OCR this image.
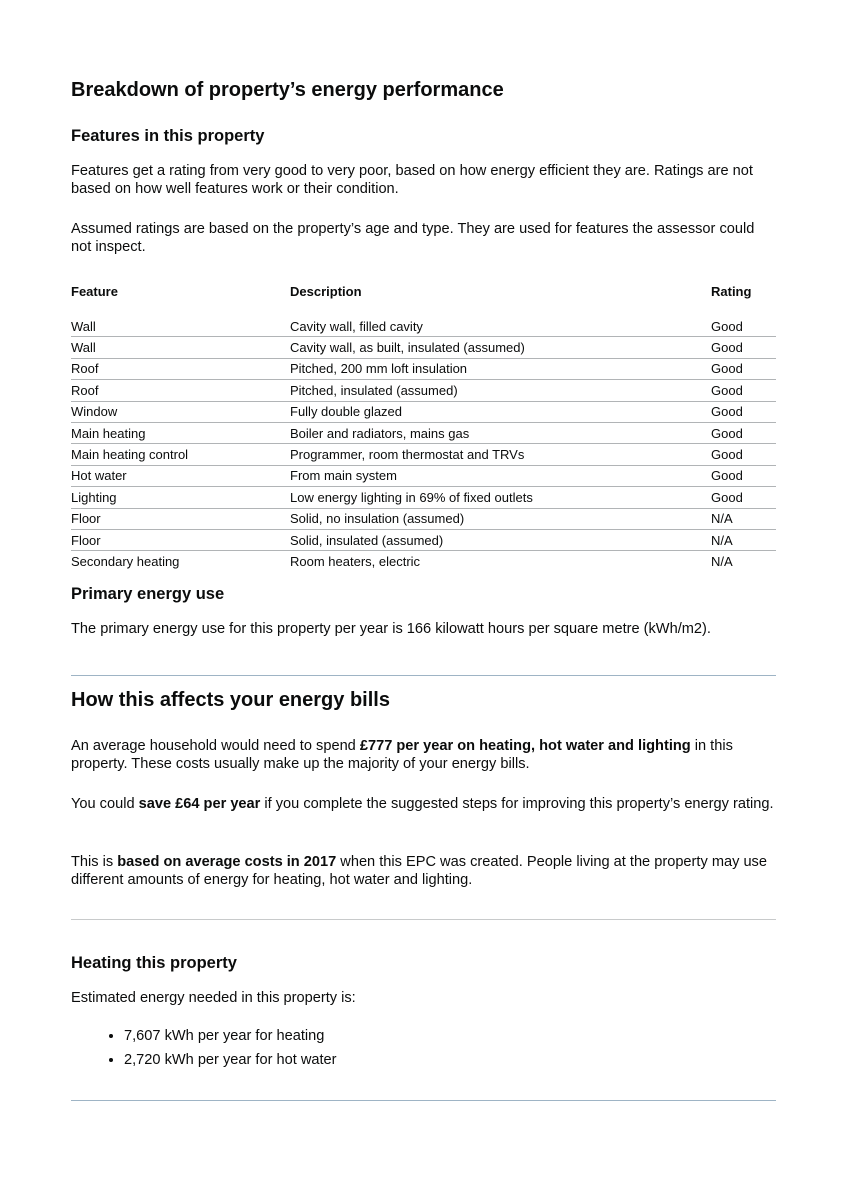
Breakdown of property’s energy performance
Features in this property

Features get a rating from very good to very poor, based on how energy efficient they are. Ratings are not based on how well features work or their condition.

Assumed ratings are based on the property’s age and type. They are used for features the assessor could not inspect.

Feature	Description	Rating
Wall	Cavity wall, filled cavity	Good
Wall	Cavity wall, as built, insulated (assumed)	Good
Roof	Pitched, 200 mm loft insulation	Good
Roof	Pitched, insulated (assumed)	Good
Window	Fully double glazed	Good
Main heating	Boiler and radiators, mains gas	Good
Main heating control	Programmer, room thermostat and TRVs	Good
Hot water	From main system	Good
Lighting	Low energy lighting in 69% of fixed outlets	Good
Floor	Solid, no insulation (assumed)	N/A
Floor	Solid, insulated (assumed)	N/A
Secondary heating	Room heaters, electric	N/A
Primary energy use

The primary energy use for this property per year is 166 kilowatt hours per square metre (kWh/m2).

How this affects your energy bills

An average household would need to spend £777 per year on heating, hot water and lighting in this property. These costs usually make up the majority of your energy bills.

You could save £64 per year if you complete the suggested steps for improving this property’s energy rating.

This is based on average costs in 2017 when this EPC was created. People living at the property may use different amounts of energy for heating, hot water and lighting.

Heating this property

Estimated energy needed in this property is:

• 7,607 kWh per year for heating
• 2,720 kWh per year for hot water
